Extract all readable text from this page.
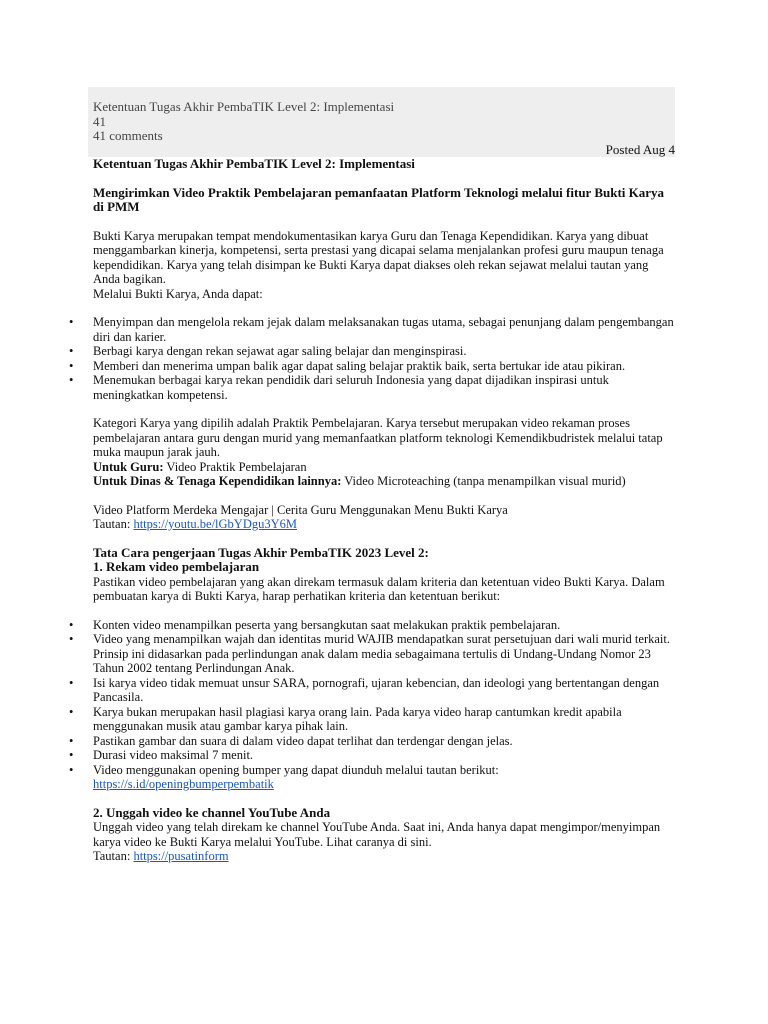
Ketentuan Tugas Akhir PembaTIK Level 2: Implementasi
41
41 comments
Posted Aug 4

Ketentuan Tugas Akhir PembaTIK Level 2: Implementasi

Mengirimkan Video Praktik Pembelajaran pemanfaatan Platform Teknologi melalui fitur Bukti Karya di PMM

Bukti Karya merupakan tempat mendokumentasikan karya Guru dan Tenaga Kependidikan. Karya yang dibuat menggambarkan kinerja, kompetensi, serta prestasi yang dicapai selama menjalankan profesi guru maupun tenaga kependidikan. Karya yang telah disimpan ke Bukti Karya dapat diakses oleh rekan sejawat melalui tautan yang Anda bagikan.

Melalui Bukti Karya, Anda dapat:

• Menyimpan dan mengelola rekam jejak dalam melaksanakan tugas utama, sebagai penunjang dalam pengembangan diri dan karier.
• Berbagi karya dengan rekan sejawat agar saling belajar dan menginspirasi.
• Memberi dan menerima umpan balik agar dapat saling belajar praktik baik, serta bertukar ide atau pikiran.
• Menemukan berbagai karya rekan pendidik dari seluruh Indonesia yang dapat dijadikan inspirasi untuk meningkatkan kompetensi.

Kategori Karya yang dipilih adalah Praktik Pembelajaran. Karya tersebut merupakan video rekaman proses pembelajaran antara guru dengan murid yang memanfaatkan platform teknologi Kemendikbudristek melalui tatap muka maupun jarak jauh.

Untuk Guru: Video Praktik Pembelajaran

Untuk Dinas & Tenaga Kependidikan lainnya: Video Microteaching (tanpa menampilkan visual murid)

Video Platform Merdeka Mengajar | Cerita Guru Menggunakan Menu Bukti Karya

Tautan: https://youtu.be/lGbYDgu3Y6M

Tata Cara pengerjaan Tugas Akhir PembaTIK 2023 Level 2:

1. Rekam video pembelajaran

Pastikan video pembelajaran yang akan direkam termasuk dalam kriteria dan ketentuan video Bukti Karya. Dalam pembuatan karya di Bukti Karya, harap perhatikan kriteria dan ketentuan berikut:

• Konten video menampilkan peserta yang bersangkutan saat melakukan praktik pembelajaran.
• Video yang menampilkan wajah dan identitas murid WAJIB mendapatkan surat persetujuan dari wali murid terkait. Prinsip ini didasarkan pada perlindungan anak dalam media sebagaimana tertulis di Undang-Undang Nomor 23 Tahun 2002 tentang Perlindungan Anak.
• Isi karya video tidak memuat unsur SARA, pornografi, ujaran kebencian, dan ideologi yang bertentangan dengan Pancasila.
• Karya bukan merupakan hasil plagiasi karya orang lain. Pada karya video harap cantumkan kredit apabila menggunakan musik atau gambar karya pihak lain.
• Pastikan gambar dan suara di dalam video dapat terlihat dan terdengar dengan jelas.
• Durasi video maksimal 7 menit.
• Video menggunakan opening bumper yang dapat diunduh melalui tautan berikut: https://s.id/openingbumperpembatik

2. Unggah video ke channel YouTube Anda

Unggah video yang telah direkam ke channel YouTube Anda. Saat ini, Anda hanya dapat mengimpor/menyimpan karya video ke Bukti Karya melalui YouTube. Lihat caranya di sini.

Tautan: https://pusatinform
